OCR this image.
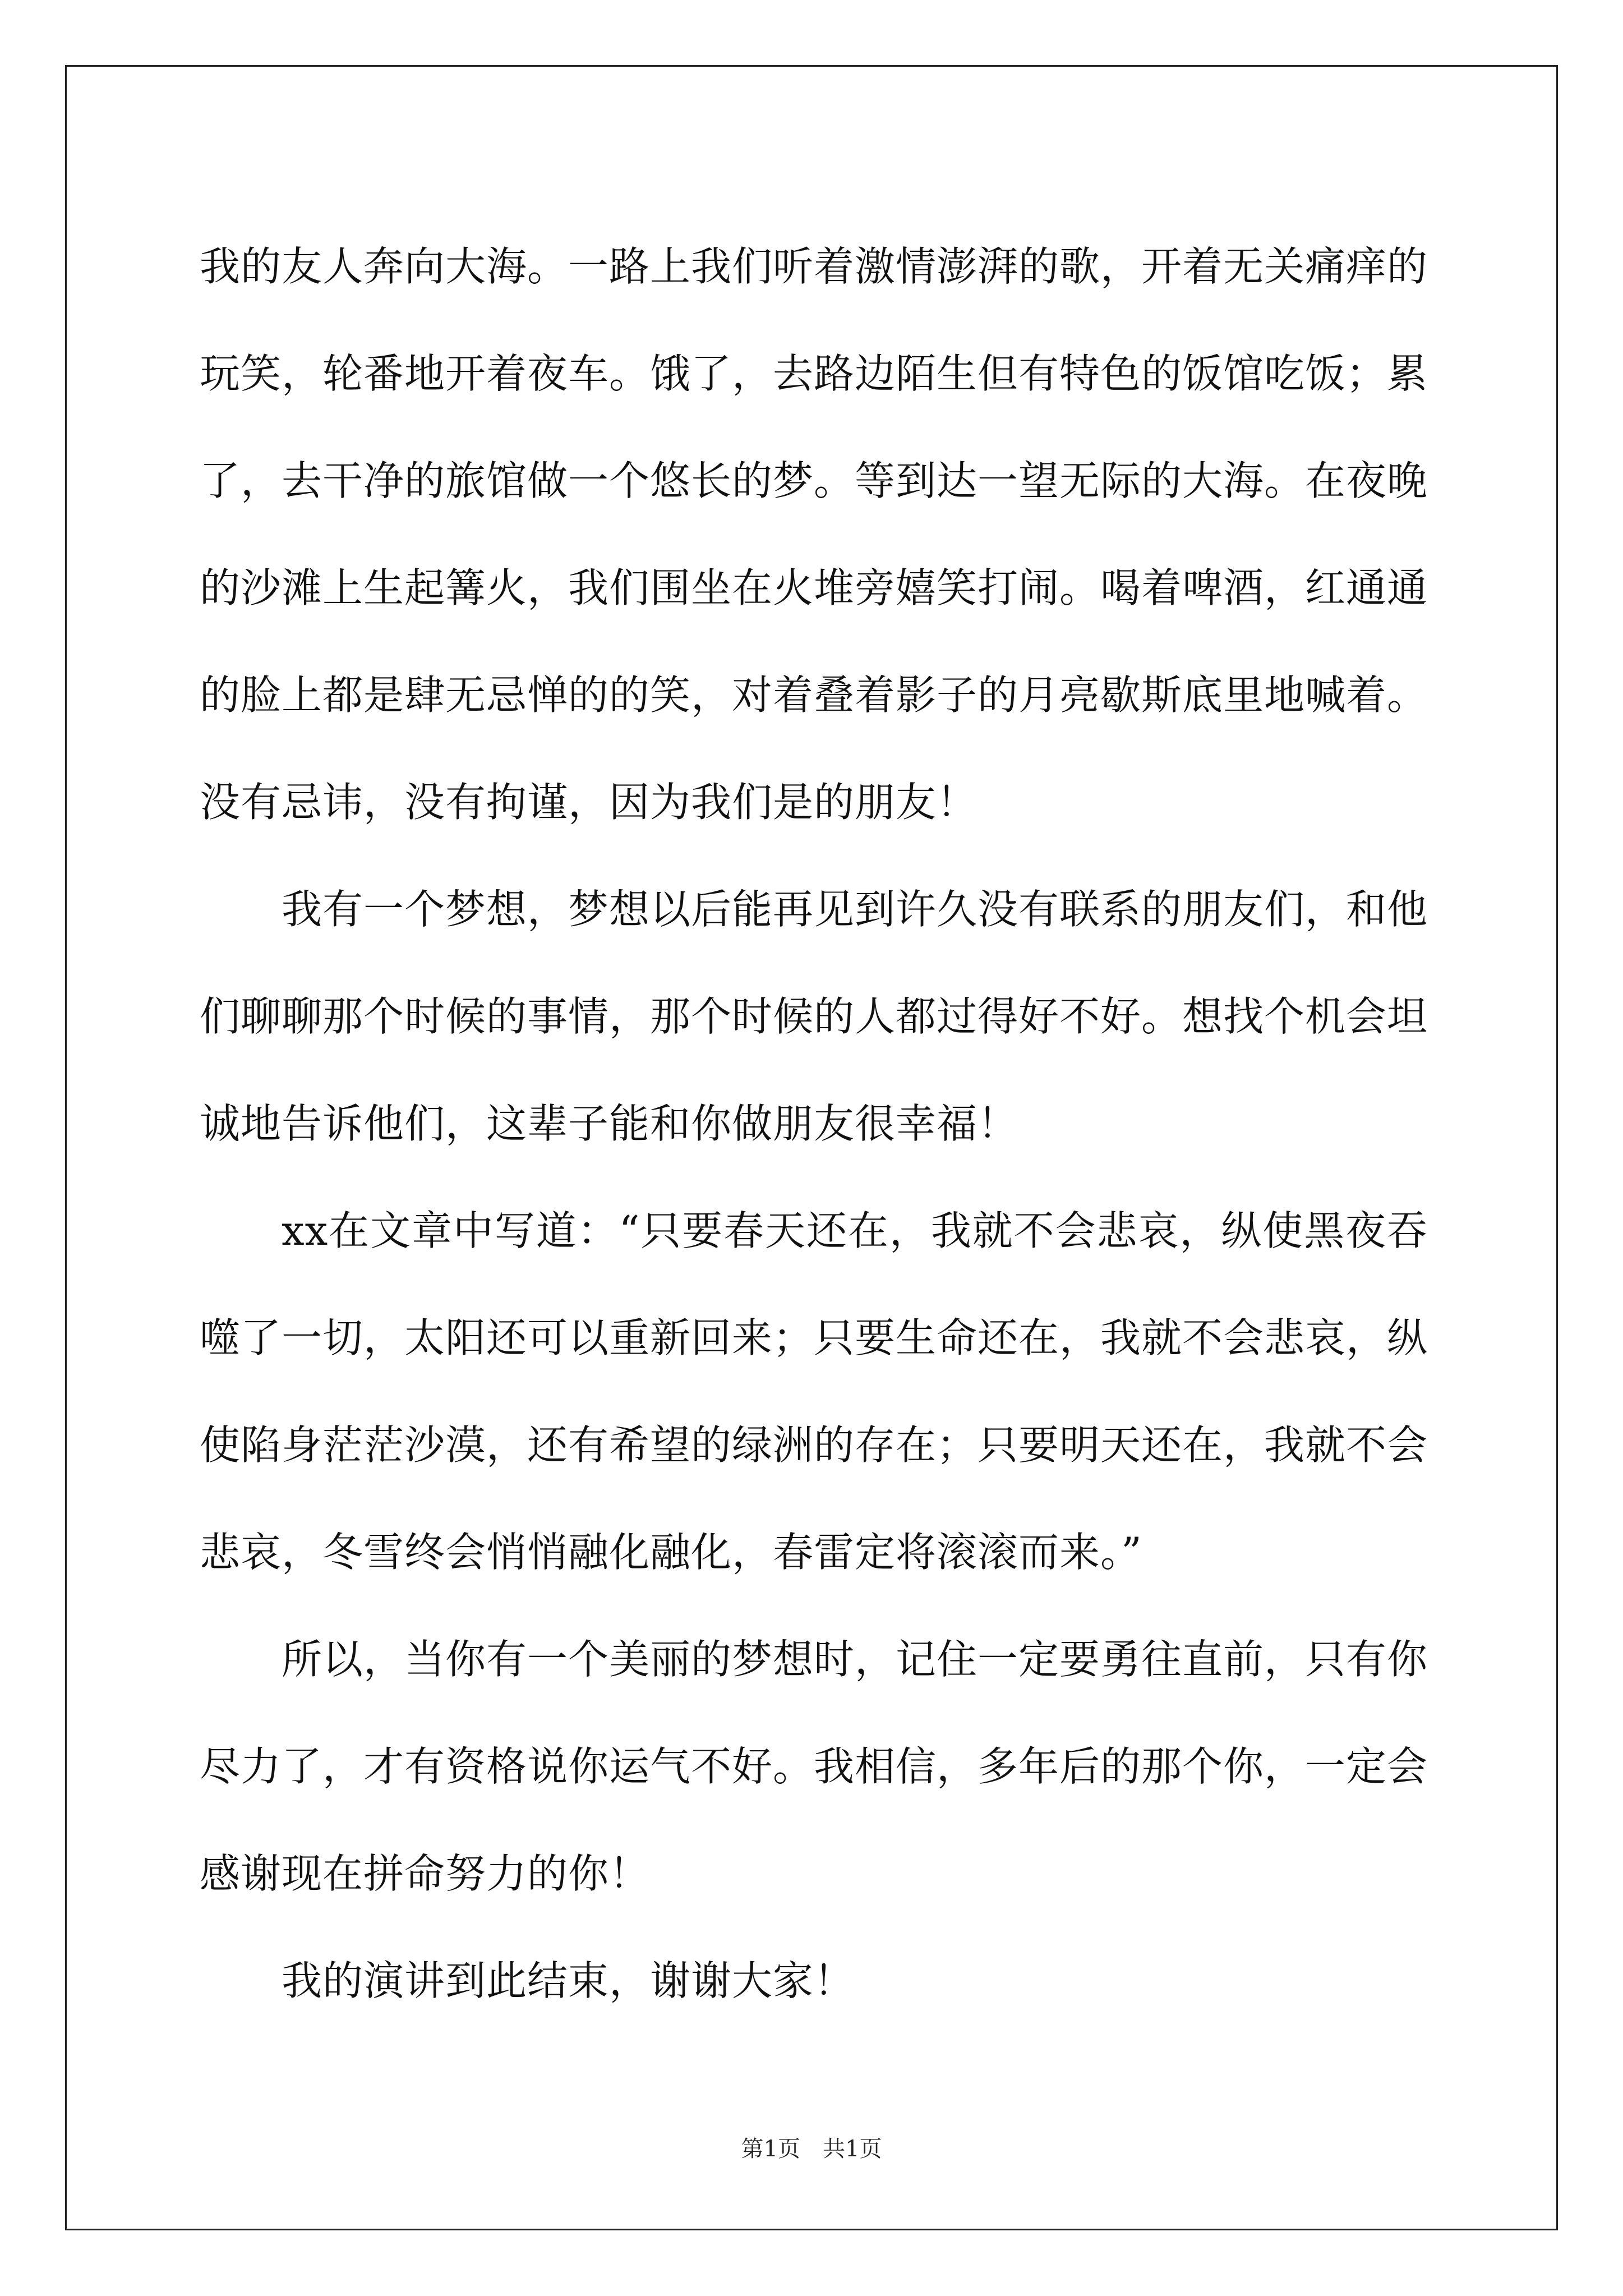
我的友人奔向大海。一路上我们听着激情澎湃的歌，开着无关痛痒的玩笑，轮番地开着夜车。饿了，去路边陌生但有特色的饭馆吃饭；累了，去干净的旅馆做一个悠长的梦。等到达一望无际的大海。在夜晚的沙滩上生起篝火，我们围坐在火堆旁嬉笑打闹。喝着啤酒，红通通的脸上都是肆无忌惮的的笑，对着叠着影子的月亮歇斯底里地喊着。没有忌讳，没有拘谨，因为我们是的朋友！

我有一个梦想，梦想以后能再见到许久没有联系的朋友们，和他们聊聊那个时候的事情，那个时候的人都过得好不好。想找个机会坦诚地告诉他们，这辈子能和你做朋友很幸福！

xx在文章中写道：“只要春天还在，我就不会悲哀，纵使黑夜吞噬了一切，太阳还可以重新回来；只要生命还在，我就不会悲哀，纵使陷身茫茫沙漠，还有希望的绿洲的存在；只要明天还在，我就不会悲哀，冬雪终会悄悄融化融化，春雷定将滚滚而来。”

所以，当你有一个美丽的梦想时，记住一定要勇往直前，只有你尽力了，才有资格说你运气不好。我相信，多年后的那个你，一定会感谢现在拼命努力的你！

我的演讲到此结束，谢谢大家！

第1页　共1页
